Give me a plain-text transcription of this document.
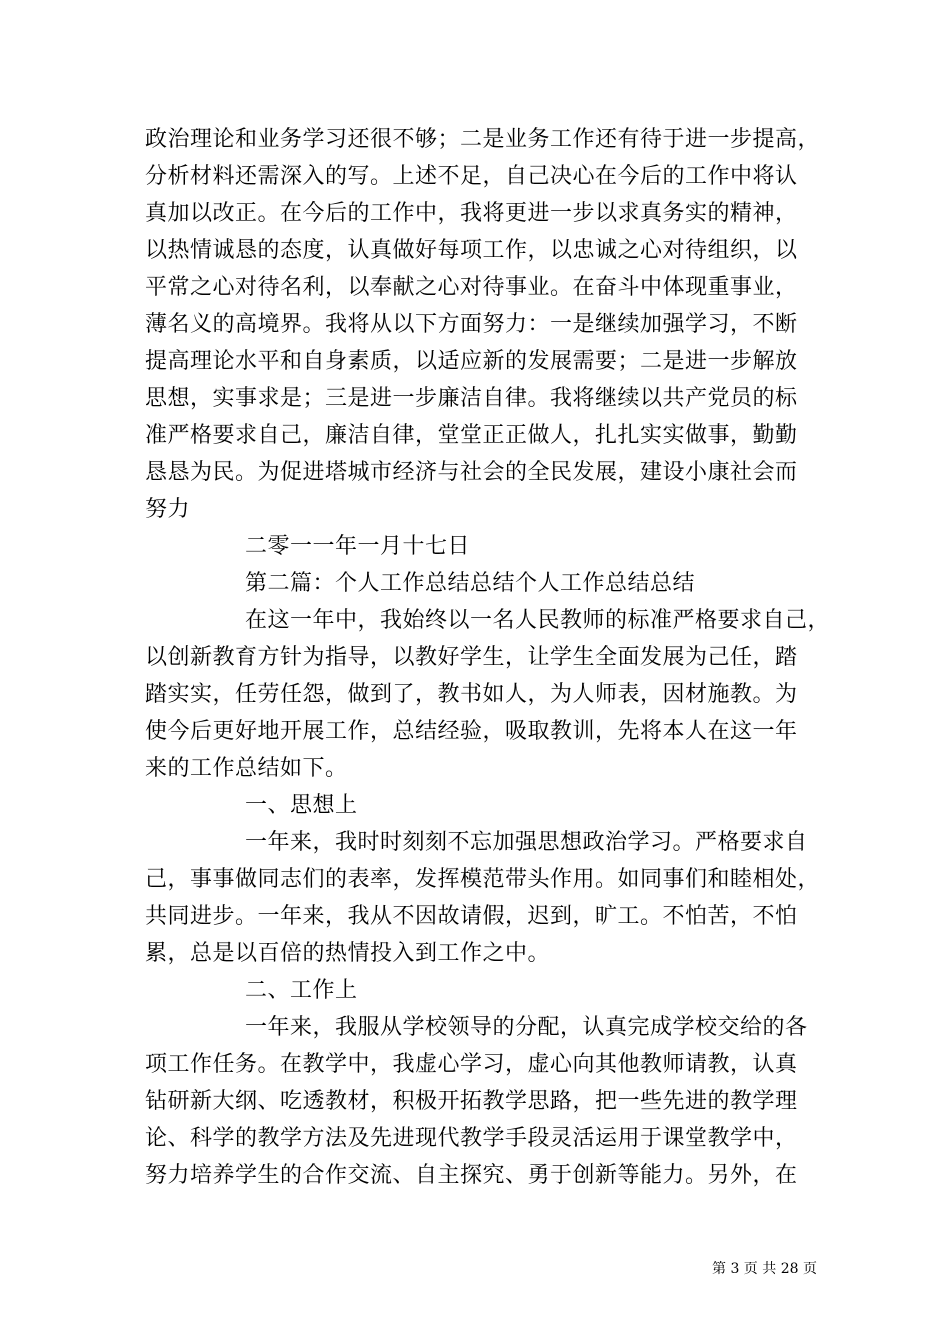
政治理论和业务学习还很不够；二是业务工作还有待于进一步提高，
分析材料还需深入的写。上述不足，自己决心在今后的工作中将认
真加以改正。在今后的工作中，我将更进一步以求真务实的精神，
以热情诚恳的态度，认真做好每项工作，以忠诚之心对待组织，以
平常之心对待名利，以奉献之心对待事业。在奋斗中体现重事业，
薄名义的高境界。我将从以下方面努力：一是继续加强学习，不断
提高理论水平和自身素质，以适应新的发展需要；二是进一步解放
思想，实事求是；三是进一步廉洁自律。我将继续以共产党员的标
准严格要求自己，廉洁自律，堂堂正正做人，扎扎实实做事，勤勤
恳恳为民。为促进塔城市经济与社会的全民发展，建设小康社会而
努力
二零一一年一月十七日
第二篇：个人工作总结总结个人工作总结总结
在这一年中，我始终以一名人民教师的标准严格要求自己，
以创新教育方针为指导，以教好学生，让学生全面发展为己任，踏
踏实实，任劳任怨，做到了，教书如人，为人师表，因材施教。为
使今后更好地开展工作，总结经验，吸取教训，先将本人在这一年
来的工作总结如下。
一、思想上
一年来，我时时刻刻不忘加强思想政治学习。严格要求自
己，事事做同志们的表率，发挥模范带头作用。如同事们和睦相处，
共同进步。一年来，我从不因故请假，迟到，旷工。不怕苦，不怕
累，总是以百倍的热情投入到工作之中。
二、工作上
一年来，我服从学校领导的分配，认真完成学校交给的各
项工作任务。在教学中，我虚心学习，虚心向其他教师请教，认真
钻研新大纲、吃透教材，积极开拓教学思路，把一些先进的教学理
论、科学的教学方法及先进现代教学手段灵活运用于课堂教学中，
努力培养学生的合作交流、自主探究、勇于创新等能力。另外，在
第 3 页 共 28 页
